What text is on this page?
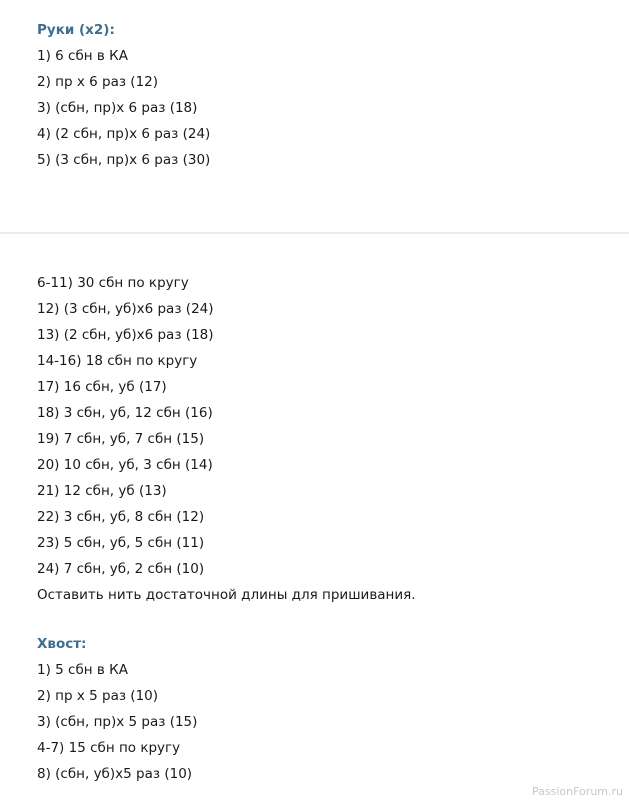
Руки (х2):
1) 6 сбн в КА
2) пр х 6 раз (12)
3) (сбн, пр)х 6 раз (18)
4) (2 сбн, пр)х 6 раз (24)
5) (3 сбн, пр)х 6 раз (30)
6-11) 30 сбн по кругу
12) (3 сбн, уб)х6 раз (24)
13) (2 сбн, уб)х6 раз (18)
14-16) 18 сбн по кругу
17) 16 сбн, уб (17)
18) 3 сбн, уб, 12 сбн (16)
19) 7 сбн, уб, 7 сбн (15)
20) 10 сбн, уб, 3 сбн (14)
21) 12 сбн, уб (13)
22) 3 сбн, уб, 8 сбн (12)
23) 5 сбн, уб, 5 сбн (11)
24) 7 сбн, уб, 2 сбн (10)
Оставить нить достаточной длины для пришивания.
Хвост:
1) 5 сбн в КА
2) пр х 5 раз (10)
3) (сбн, пр)х 5 раз (15)
4-7) 15 сбн по кругу
8) (сбн, уб)х5 раз (10)
PassionForum.ru
